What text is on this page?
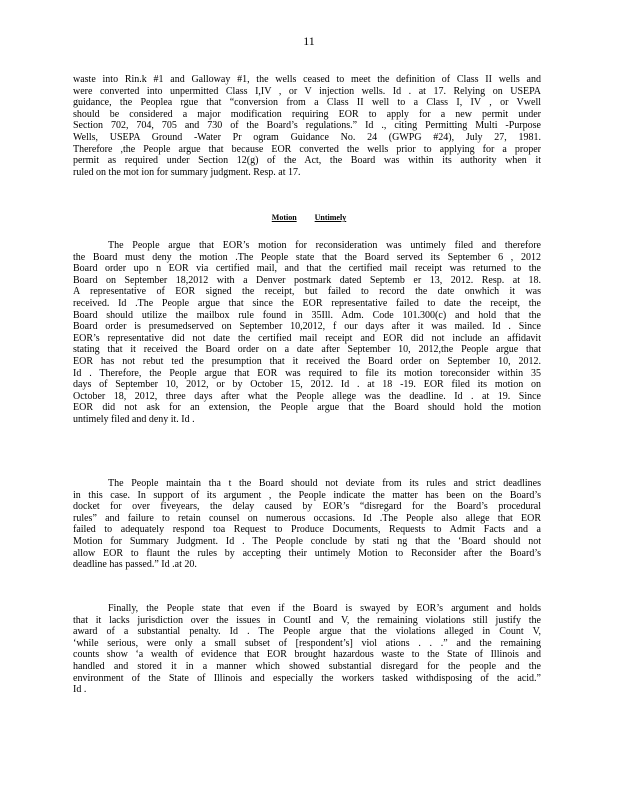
11
waste into Rin.k #1 and Galloway #1, the wells ceased to meet the definition of Class II wells and
were converted into unpermitted Class I,IV , or V injection wells. Id . at 17. Relying on USEPA
guidance, the Peoplea rgue that “conversion from a Class II well to a Class I, IV , or Vwell
should be considered a major modification requiring EOR to apply for a new permit under
Section 702, 704, 705 and 730 of the Board’s regulations.” Id ., citing Permitting Multi -Purpose
Wells, USEPA Ground -Water Pr ogram Guidance No. 24 (GWPG #24), July 27, 1981.
Therefore ,the People argue that because EOR converted the wells prior to applying for a proper
permit as required under Section 12(g) of the Act, the Board was within its authority when it
ruled on the mot ion for summary judgment. Resp. at 17.
Motion Untimely
The People argue that EOR’s motion for reconsideration was untimely filed and therefore
the Board must deny the motion .The People state that the Board served its September 6 , 2012
Board order upo n EOR via certified mail, and that the certified mail receipt was returned to the
Board on September 18,2012 with a Denver postmark dated Septemb er 13, 2012. Resp. at 18.
A representative of EOR signed the receipt, but failed to record the date onwhich it was
received. Id .The People argue that since the EOR representative failed to date the receipt, the
Board should utilize the mailbox rule found in 35Ill. Adm. Code 101.300(c) and hold that the
Board order is presumedserved on September 10,2012, f our days after it was mailed. Id . Since
EOR’s representative did not date the certified mail receipt and EOR did not include an affidavit
stating that it received the Board order on a date after September 10, 2012,the People argue that
EOR has not rebut ted the presumption that it received the Board order on September 10, 2012.
Id . Therefore, the People argue that EOR was required to file its motion toreconsider within 35
days of September 10, 2012, or by October 15, 2012. Id . at 18 -19. EOR filed its motion on
October 18, 2012, three days after what the People allege was the deadline. Id . at 19. Since
EOR did not ask for an extension, the People argue that the Board should hold the motion
untimely filed and deny it. Id .
The People maintain tha t the Board should not deviate from its rules and strict deadlines
in this case. In support of its argument , the People indicate the matter has been on the Board’s
docket for over fiveyears, the delay caused by EOR’s “disregard for the Board’s procedural
rules” and failure to retain counsel on numerous occasions. Id .The People also allege that EOR
failed to adequately respond toa Request to Produce Documents, Requests to Admit Facts and a
Motion for Summary Judgment. Id . The People conclude by stati ng that the ‘Board should not
allow EOR to flaunt the rules by accepting their untimely Motion to Reconsider after the Board’s
deadline has passed.” Id .at 20.
Finally, the People state that even if the Board is swayed by EOR’s argument and holds
that it lacks jurisdiction over the issues in CountI and V, the remaining violations still justify the
award of a substantial penalty. Id . The People argue that the violations alleged in Count V,
‘while serious, were only a small subset of [respondent’s] viol ations . . .” and the remaining
counts show ‘a wealth of evidence that EOR brought hazardous waste to the State of Illinois and
handled and stored it in a manner which showed substantial disregard for the people and the
environment of the State of Illinois and especially the workers tasked withdisposing of the acid.”
Id .
